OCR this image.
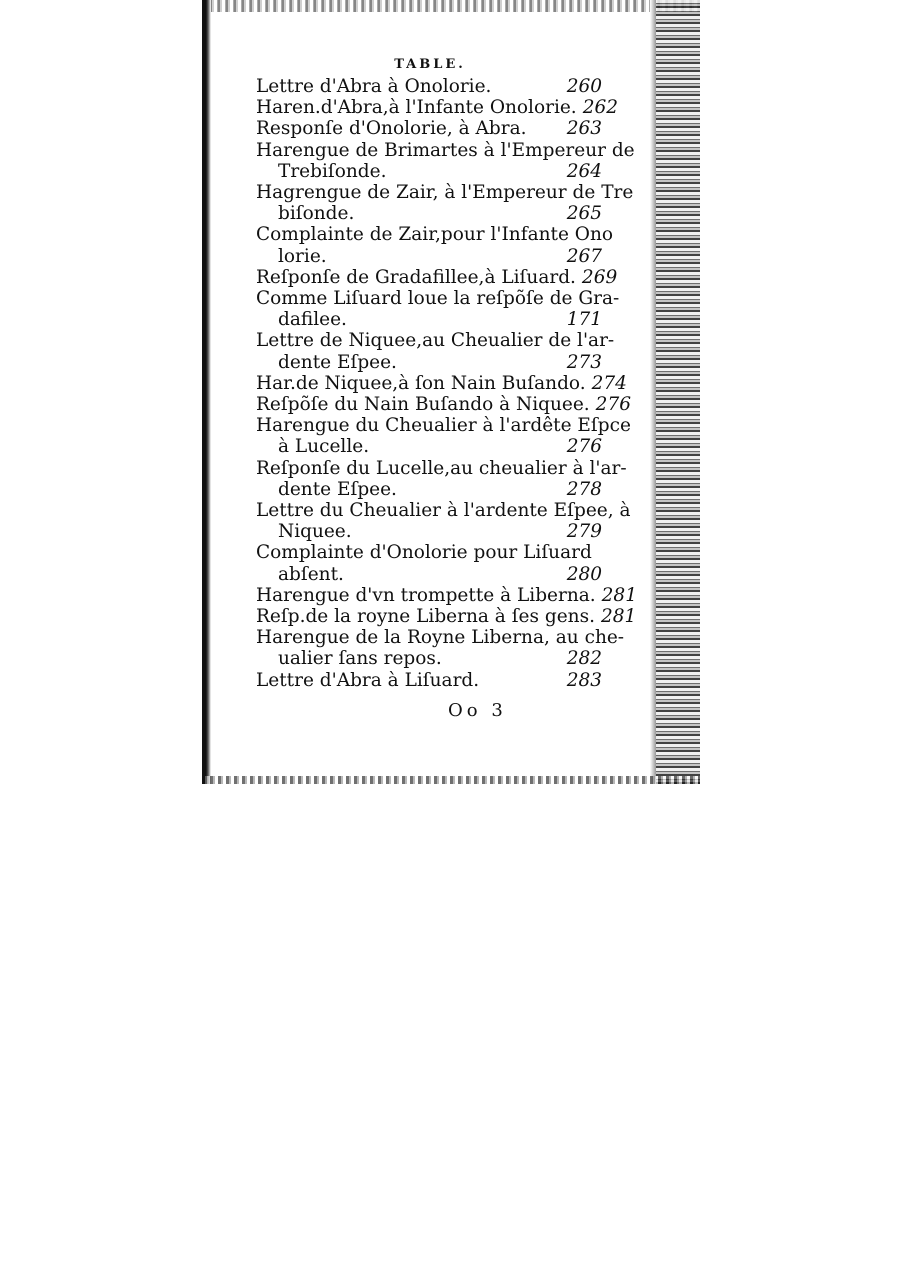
TABLE.
Lettre d'Abra à Onolorie.	260
Haren.d'Abra,à l'Infante Onolorie. 262
Responſe d'Onolorie, à Abra.	263
Harengue de Brimartes à l'Empereur de
Trebiſonde.	264
Hagrengue de Zair, à l'Empereur de Tre
biſonde.	265
Complainte de Zair,pour l'Infante Ono
lorie.	267
Reſponſe de Gradafillee,à Liſuard. 269
Comme Liſuard loue la reſpõſe de Gra-
dafilee.	171
Lettre de Niquee,au Cheualier de l'ar-
dente Eſpee.	273
Har.de Niquee,à ſon Nain Buſando. 274
Reſpõſe du Nain Buſando à Niquee. 276
Harengue du Cheualier à l'ardête Eſpce
à Lucelle.	276
Reſponſe du Lucelle,au cheualier à l'ar-
dente Eſpee.	278
Lettre du Cheualier à l'ardente Eſpee, à
Niquee.	279
Complainte d'Onolorie pour Liſuard
abſent.	280
Harengue d'vn trompette à Liberna. 281
Reſp.de la royne Liberna à ſes gens. 281
Harengue de la Royne Liberna, au che-
ualier ſans repos.	282
Lettre d'Abra à Liſuard.	283
Oo 3
